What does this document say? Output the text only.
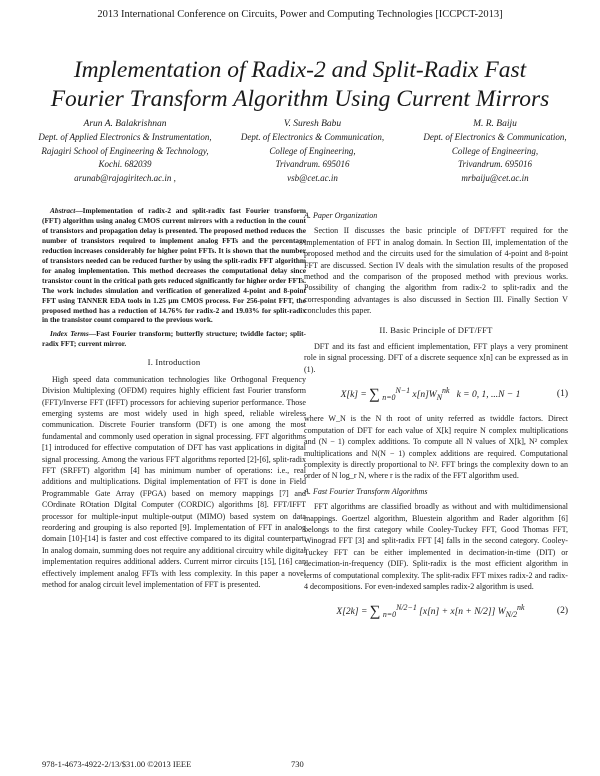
2013 International Conference on Circuits, Power and Computing Technologies [ICCPCT-2013]
Implementation of Radix-2 and Split-Radix Fast
Fourier Transform Algorithm Using Current Mirrors
Arun A. Balakrishnan
Dept. of Applied Electronics & Instrumentation,
Rajagiri School of Engineering & Technology,
Kochi. 682039
arunab@rajagiritech.ac.in ,
V. Suresh Babu
Dept. of Electronics & Communication,
College of Engineering,
Trivandrum. 695016
vsb@cet.ac.in
M. R. Baiju
Dept. of Electronics & Communication,
College of Engineering,
Trivandrum. 695016
mrbaiju@cet.ac.in

Abstract—Implementation of radix-2 and split-radix fast Fourier transform (FFT) algorithm using analog CMOS current mirrors with a reduction in the count of transistors and propagation delay is presented. The proposed method reduces the number of transistors required to implement analog FFTs and the percentage reduction increases considerably for higher point FFTs. It is shown that the number of transistors needed can be reduced further by using the split-radix FFT algorithm for analog implementation. This method decreases the computational delay since transistor count in the critical path gets reduced significantly for higher order FFTs. The work includes simulation and verification of generalized 4-point and 8-point FFT using TANNER EDA tools in 1.25 μm CMOS process. For 256-point FFT, the proposed method has a reduction of 14.76% for radix-2 and 19.03% for split-radix in the transistor count compared to the previous work.

Index Terms—Fast Fourier transform; butterfly structure; twiddle factor; split-radix FFT; current mirror.

I. Introduction

High speed data communication technologies like Orthogonal Frequency Division Multiplexing (OFDM) requires highly efficient fast Fourier transform (FFT)/Inverse FFT (IFFT) processors for achieving superior performance. Those emerging systems are most widely used in high speed, reliable wireless communication. Discrete Fourier transform (DFT) is one among the most fundamental and commonly used operation in signal processing. FFT algorithms [1] introduced for effective computation of DFT has vast applications in digital signal processing. Among the various FFT algorithms reported [2]-[6], split-radix FFT (SRFFT) algorithm [4] has minimum number of operations: i.e., real additions and multiplications. Digital implementation of FFT is done in Field Programmable Gate Array (FPGA) based on memory mappings [7] and COrdinate ROtation DIgital Computer (CORDIC) algorithms [8]. FFT/IFFT processor for multiple-input multiple-output (MIMO) based system on data reordering and grouping is also reported [9]. Implementation of FFT in analog domain [10]-[14] is faster and cost effective compared to its digital counterpart. In analog domain, summing does not require any additional circuitry while digital implementation requires additional adders. Current mirror circuits [15], [16] can effectively implement analog FFTs with less complexity. In this paper a novel method for analog circuit level implementation of FFT is presented.

A. Paper Organization

Section II discusses the basic principle of DFT/FFT required for the implementation of FFT in analog domain. In Section III, implementation of the proposed method and the circuits used for the simulation of 4-point and 8-point FFT are discussed. Section IV deals with the simulation results of the proposed method and the comparison of the proposed method with previous works. Possibility of changing the algorithm from radix-2 to split-radix and the corresponding advantages is also discussed in Section III. Finally Section V concludes this paper.

II. Basic Principle of DFT/FFT

DFT and its fast and efficient implementation, FFT plays a very prominent role in signal processing. DFT of a discrete sequence x[n] can be expressed as in (1).

X[k] = ∑ $_{n=0}^{N-1}$ $x[n]W_N^{nk}$ k = 0, 1, ...N − 1	(1)

where W_N is the N th root of unity referred as twiddle factors. Direct computation of DFT for each value of X[k] require N complex multiplications and (N − 1) complex additions. To compute all N values of X[k], N² complex multiplications and N(N − 1) complex additions are required. Computational complexity is directly proportional to N². FFT brings the complexity down to an order of N log_r N, where r is the radix of the FFT algorithm used.

A. Fast Fourier Transform Algorithms

FFT algorithms are classified broadly as without and with multidimensional mappings. Goertzel algorithm, Bluestein algorithm and Rader algorithm [6] belongs to the first category while Cooley-Tuckey FFT, Good Thomas FFT, Winograd FFT [3] and split-radix FFT [4] falls in the second category. Cooley-Tuckey FFT can be either implemented in decimation-in-time (DIT) or decimation-in-frequency (DIF). Split-radix is the most efficient algorithm in terms of computational complexity. The split-radix FFT mixes radix-2 and radix-4 decompositions. For even-indexed samples radix-2 algorithm is used.

X[2k] = ∑ $_{n=0}^{N/2-1}$ [x[n] + x[n + N/2]] $W_{N/2}^{nk}$	(2)
978-1-4673-4922-2/13/$31.00 ©2013 IEEE	730
